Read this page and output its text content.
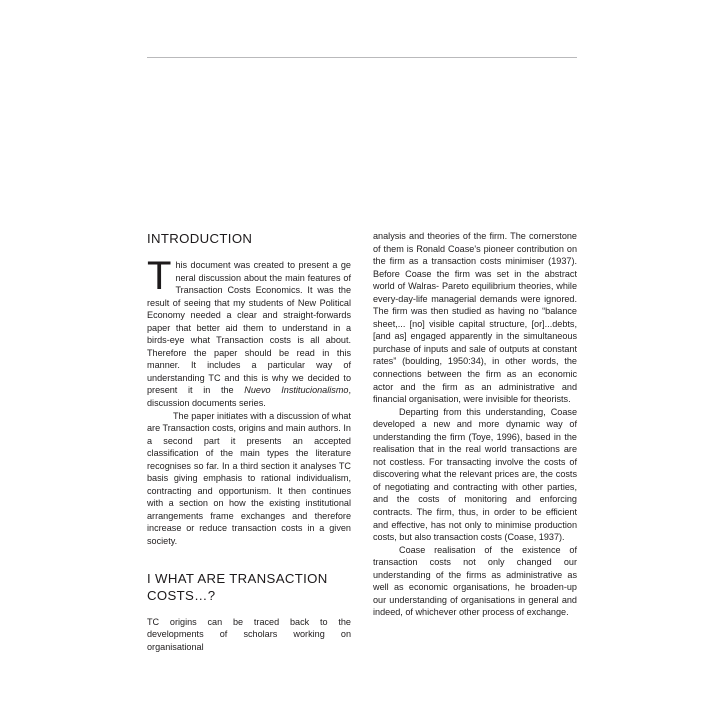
INTRODUCTION
T his document was created to present a ge neral discussion about the main features of Transaction Costs Economics. It was the result of seeing that my students of New Political Economy needed a clear and straight-forwards paper that better aid them to understand in a birds-eye what Transaction costs is all about. Therefore the paper should be read in this manner. It includes a particular way of understanding TC and this is why we decided to present it in the Nuevo Institucionalismo, discussion documents series.

The paper initiates with a discussion of what are Transaction costs, origins and main authors. In a second part it presents an accepted classification of the main types the literature recognises so far. In a third section it analyses TC basis giving emphasis to rational individualism, contracting and opportunism. It then continues with a section on how the existing institutional arrangements frame exchanges and therefore increase or reduce transaction costs in a given society.

I WHAT ARE TRANSACTION COSTS…?

TC origins can be traced back to the developments of scholars working on organisational

analysis and theories of the firm. The cornerstone of them is Ronald Coase's pioneer contribution on the firm as a transaction costs minimiser (1937). Before Coase the firm was set in the abstract world of Walras- Pareto equilibrium theories, while every-day-life managerial demands were ignored. The firm was then studied as having no “balance sheet,... [no] visible capital structure, [or]...debts, [and as] engaged apparently in the simultaneous purchase of inputs and sale of outputs at constant rates” (boulding, 1950:34), in other words, the connections between the firm as an economic actor and the firm as an administrative and financial organisation, were invisible for theorists.

Departing from this understanding, Coase developed a new and more dynamic way of understanding the firm (Toye, 1996), based in the realisation that in the real world transactions are not costless. For transacting involve the costs of discovering what the relevant prices are, the costs of negotiating and contracting with other parties, and the costs of monitoring and enforcing contracts. The firm, thus, in order to be efficient and effective, has not only to minimise production costs, but also transaction costs (Coase, 1937).

Coase realisation of the existence of transaction costs not only changed our understanding of the firms as administrative as well as economic organisations, he broaden-up our understanding of organisations in general and indeed, of whichever other process of exchange.
